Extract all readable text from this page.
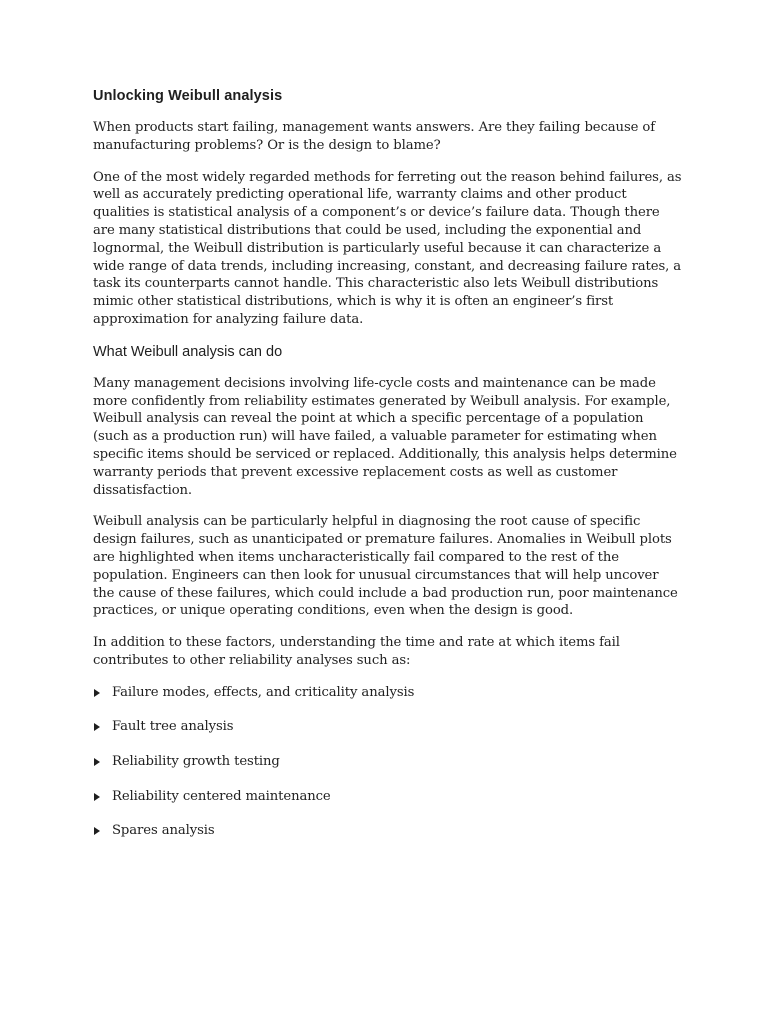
Unlocking Weibull analysis

When products start failing, management wants answers. Are they failing because of manufacturing problems? Or is the design to blame?

One of the most widely regarded methods for ferreting out the reason behind failures, as well as accurately predicting operational life, warranty claims and other product qualities is statistical analysis of a component’s or device’s failure data. Though there are many statistical distributions that could be used, including the exponential and lognormal, the Weibull distribution is particularly useful because it can characterize a wide range of data trends, including increasing, constant, and decreasing failure rates, a task its counterparts cannot handle. This characteristic also lets Weibull distributions mimic other statistical distributions, which is why it is often an engineer’s first approximation for analyzing failure data.

What Weibull analysis can do

Many management decisions involving life-cycle costs and maintenance can be made more confidently from reliability estimates generated by Weibull analysis. For example, Weibull analysis can reveal the point at which a specific percentage of a population (such as a production run) will have failed, a valuable parameter for estimating when specific items should be serviced or replaced. Additionally, this analysis helps determine warranty periods that prevent excessive replacement costs as well as customer dissatisfaction.

Weibull analysis can be particularly helpful in diagnosing the root cause of specific design failures, such as unanticipated or premature failures. Anomalies in Weibull plots are highlighted when items uncharacteristically fail compared to the rest of the population. Engineers can then look for unusual circumstances that will help uncover the cause of these failures, which could include a bad production run, poor maintenance practices, or unique operating conditions, even when the design is good.

In addition to these factors, understanding the time and rate at which items fail contributes to other reliability analyses such as:

Failure modes, effects, and criticality analysis
Fault tree analysis
Reliability growth testing
Reliability centered maintenance
Spares analysis
